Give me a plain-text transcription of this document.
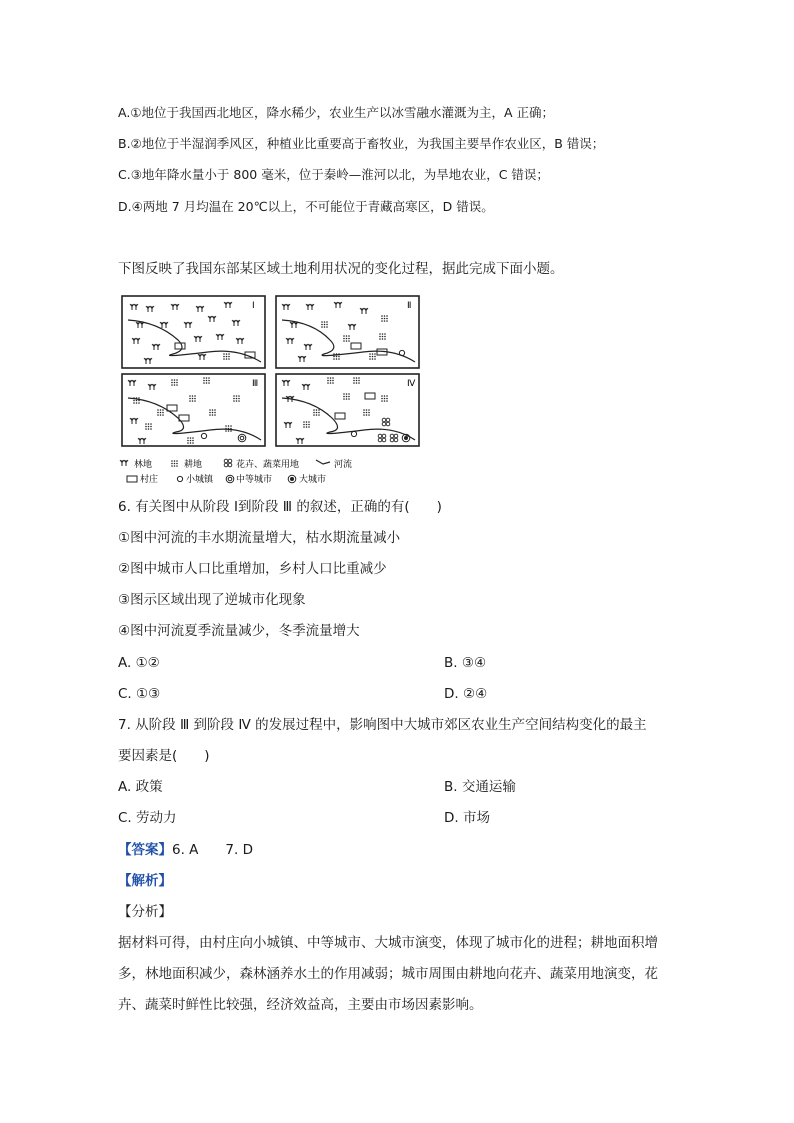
A.①地位于我国西北地区，降水稀少，农业生产以冰雪融水灌溉为主，A 正确；
B.②地位于半湿润季风区，种植业比重要高于畜牧业，为我国主要旱作农业区，B 错误；
C.③地年降水量小于 800 毫米，位于秦岭—淮河以北，为旱地农业，C 错误；
D.④两地 7 月均温在 20℃以上，不可能位于青藏高寒区，D 错误。
下图反映了我国东部某区域土地利用状况的变化过程，据此完成下面小题。
Ⅰ	Ⅱ
Ⅲ	Ⅳ
林地	耕地	花卉、蔬菜用地	河流
村庄	小城镇	中等城市	大城市
6. 有关图中从阶段 Ⅰ到阶段 Ⅲ 的叙述，正确的有(　　)
①图中河流的丰水期流量增大，枯水期流量减小
②图中城市人口比重增加，乡村人口比重减少
③图示区域出现了逆城市化现象
④图中河流夏季流量减少，冬季流量增大
A. ①②	B. ③④
C. ①③	D. ②④
7. 从阶段 Ⅲ 到阶段 Ⅳ 的发展过程中，影响图中大城市郊区农业生产空间结构变化的最主
要因素是(　　)
A. 政策	B. 交通运输
C. 劳动力	D. 市场
【答案】6. A　　7. D
【解析】
【分析】
据材料可得，由村庄向小城镇、中等城市、大城市演变，体现了城市化的进程；耕地面积增
多，林地面积减少，森林涵养水土的作用减弱；城市周围由耕地向花卉、蔬菜用地演变，花
卉、蔬菜时鲜性比较强，经济效益高，主要由市场因素影响。
